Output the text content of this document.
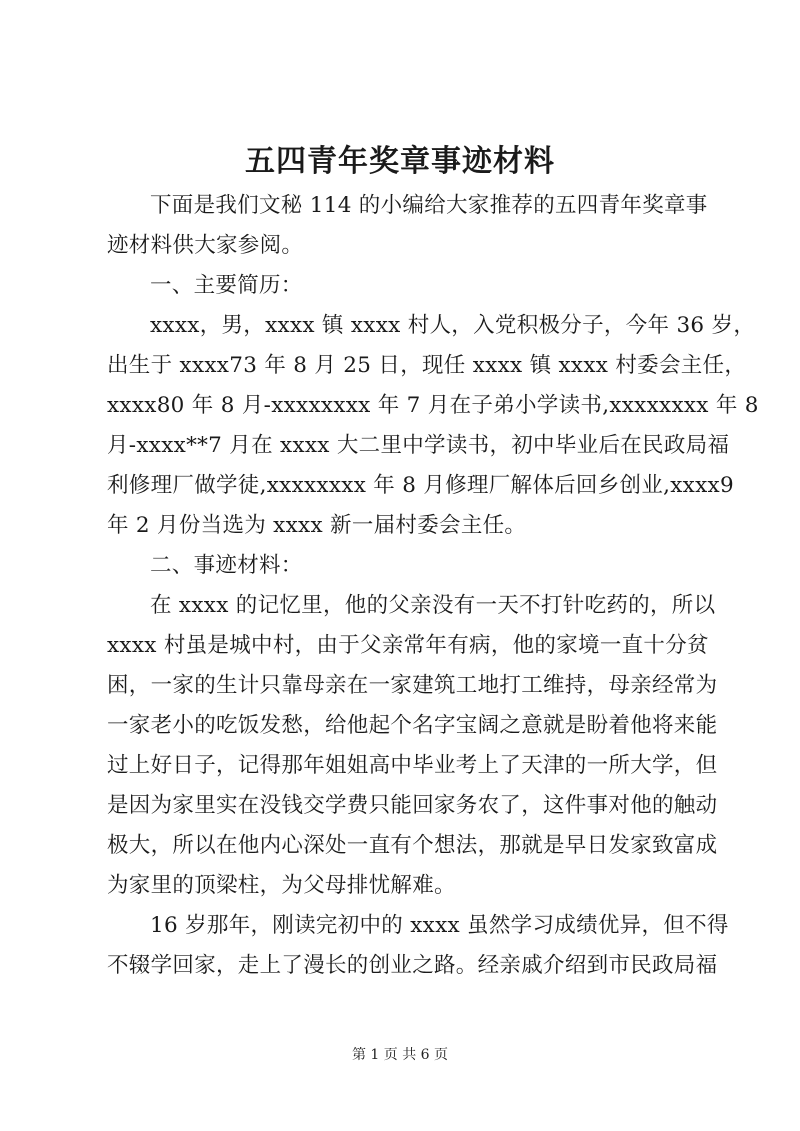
五四青年奖章事迹材料
下面是我们文秘 114 的小编给大家推荐的五四青年奖章事
迹材料供大家参阅。
一、主要简历：
xxxx，男，xxxx 镇 xxxx 村人，入党积极分子，今年 36 岁，
出生于 xxxx73 年 8 月 25 日，现任 xxxx 镇 xxxx 村委会主任，
xxxx80 年 8 月-xxxxxxxx 年 7 月在子弟小学读书,xxxxxxxx 年 8
月-xxxx**7 月在 xxxx 大二里中学读书，初中毕业后在民政局福
利修理厂做学徒,xxxxxxxx 年 8 月修理厂解体后回乡创业,xxxx9
年 2 月份当选为 xxxx 新一届村委会主任。
二、事迹材料：
在 xxxx 的记忆里，他的父亲没有一天不打针吃药的，所以
xxxx 村虽是城中村，由于父亲常年有病，他的家境一直十分贫
困，一家的生计只靠母亲在一家建筑工地打工维持，母亲经常为
一家老小的吃饭发愁，给他起个名字宝阔之意就是盼着他将来能
过上好日子，记得那年姐姐高中毕业考上了天津的一所大学，但
是因为家里实在没钱交学费只能回家务农了，这件事对他的触动
极大，所以在他内心深处一直有个想法，那就是早日发家致富成
为家里的顶梁柱，为父母排忧解难。
16 岁那年，刚读完初中的 xxxx 虽然学习成绩优异，但不得
不辍学回家，走上了漫长的创业之路。经亲戚介绍到市民政局福
第 1 页 共 6 页
